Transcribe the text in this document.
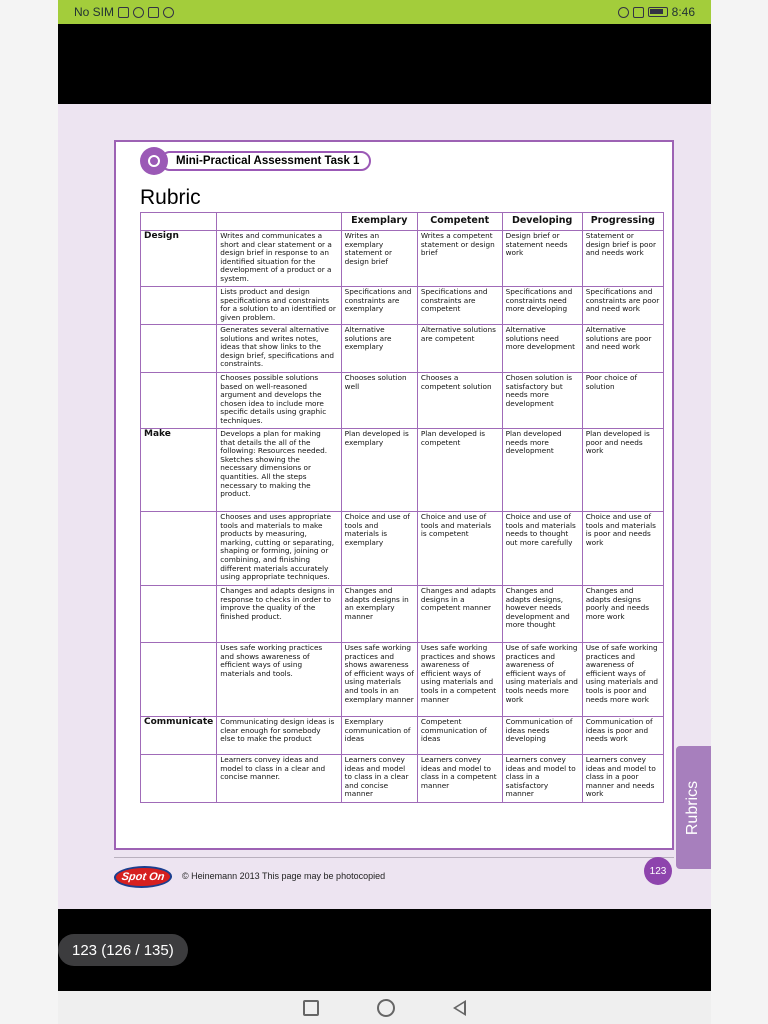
No SIM	8:46
Mini-Practical Assessment Task 1
Rubric
		Exemplary	Competent	Developing	Progressing
Design	Writes and communicates a short and clear statement or a design brief in response to an identified situation for the development of a product or a system.	Writes an exemplary statement or design brief	Writes a competent statement or design brief	Design brief or statement needs work	Statement or design brief is poor and needs work
	Lists product and design specifications and constraints for a solution to an identified or given problem.	Specifications and constraints are exemplary	Specifications and constraints are competent	Specifications and constraints need more developing	Specifications and constraints are poor and need work
	Generates several alternative solutions and writes notes, ideas that show links to the design brief, specifications and constraints.	Alternative solutions are exemplary	Alternative solutions are competent	Alternative solutions need more development	Alternative solutions are poor and need work
	Chooses possible solutions based on well-reasoned argument and develops the chosen idea to include more specific details using graphic techniques.	Chooses solution well	Chooses a competent solution	Chosen solution is satisfactory but needs more development	Poor choice of solution
Make	Develops a plan for making that details the all of the following: Resources needed. Sketches showing the necessary dimensions or quantities. All the steps necessary to making the product.	Plan developed is exemplary	Plan developed is competent	Plan developed needs more development	Plan developed is poor and needs work
	Chooses and uses appropriate tools and materials to make products by measuring, marking, cutting or separating, shaping or forming, joining or combining, and finishing different materials accurately using appropriate techniques.	Choice and use of tools and materials is exemplary	Choice and use of tools and materials is competent	Choice and use of tools and materials needs to thought out more carefully	Choice and use of tools and materials is poor and needs work
	Changes and adapts designs in response to checks in order to improve the quality of the finished product.	Changes and adapts designs in an exemplary manner	Changes and adapts designs in a competent manner	Changes and adapts designs, however needs development and more thought	Changes and adapts designs poorly and needs more work
	Uses safe working practices and shows awareness of efficient ways of using materials and tools.	Uses safe working practices and shows awareness of efficient ways of using materials and tools in an exemplary manner	Uses safe working practices and shows awareness of efficient ways of using materials and tools in a competent manner	Use of safe working practices and awareness of efficient ways of using materials and tools needs more work	Use of safe working practices and awareness of efficient ways of using materials and tools is poor and needs more work
Communicate	Communicating design ideas is clear enough for somebody else to make the product	Exemplary communication of ideas	Competent communication of ideas	Communication of ideas needs developing	Communication of ideas is poor and needs work
	Learners convey ideas and model to class in a clear and concise manner.	Learners convey ideas and model to class in a clear and concise manner	Learners convey ideas and model to class in a competent manner	Learners convey ideas and model to class in a satisfactory manner	Learners convey ideas and model to class in a poor manner and needs work
Spot On © Heinemann 2013 This page may be photocopied	123
Rubrics
123 (126 / 135)
